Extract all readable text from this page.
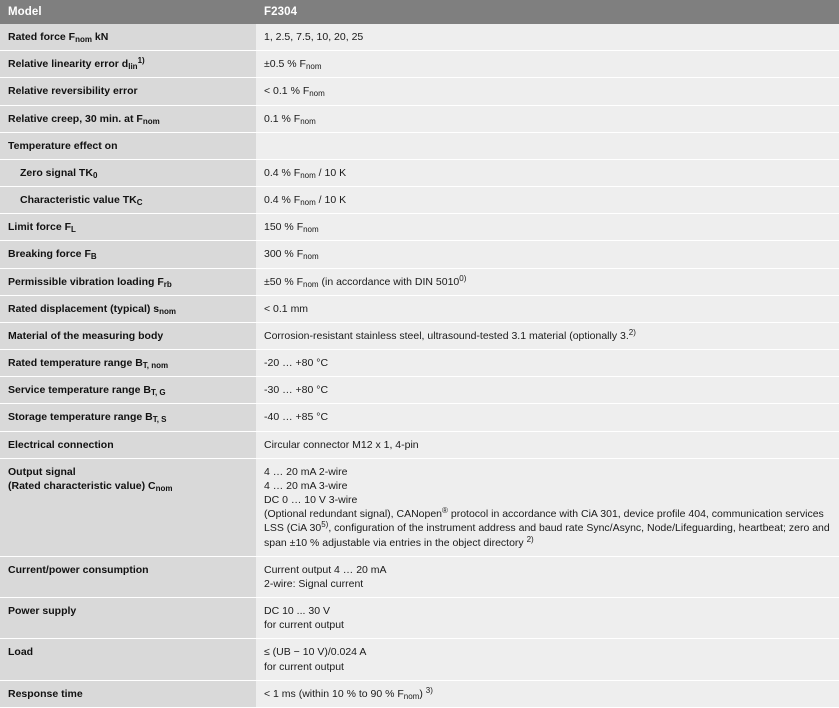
Model	F2304
Rated force $F_{nom}$ kN	1, 2.5, 7.5, 10, 20, 25

Relative linearity error $d_{lin}^{1)}$	±0.5 % $F_{nom}$

Relative reversibility error	< 0.1 % $F_{nom}$

Relative creep, 30 min. at $F_{nom}$	0.1 % $F_{nom}$

Temperature effect on	

Zero signal $TK_0$	0.4 % $F_{nom} / 10$ K

Characteristic value $TK_C$	0.4 % $F_{nom} / 10$ K

Limit force $F_L$	150 % $F_{nom}$

Breaking force $F_B$	300 % $F_{nom}$

Permissible vibration loading $F_{rb}$	±50 % $F_{nom}$ (in accordance with DIN 5010$^{0)}$

Rated displacement (typical) $s_{nom}$	< 0.1 mm

Material of the measuring body	Corrosion-resistant stainless steel, ultrasound-tested 3.1 material (optionally 3.$^{2)}$

Rated temperature range $B_{T, nom}$	-20 … +80 °C

Service temperature range $B_{T, G}$	-30 … +80 °C

Storage temperature range $B_{T, S}$	-40 … +85 °C

Electrical connection	Circular connector M12 x 1, 4-pin

Output signal
(Rated characteristic value) $C_{nom}$	4 … 20 mA 2-wire
4 … 20 mA 3-wire
DC 0 … 10 V 3-wire
(Optional redundant signal), CANopen® protocol in accordance with CiA 301, device profile 404, communication services LSS (CiA 30$^{5)}$, configuration of the instrument address and baud rate Sync/Async, Node/Lifeguarding, heartbeat; zero and span ±10 % adjustable via entries in the object directory $^{2)}$

Current/power consumption	Current output 4 … 20 mA
2-wire: Signal current

Power supply	DC 10 ... 30 V
for current output

Load	≤ (UB − 10 V)/0.024 A
for current output

Response time	< 1 ms (within 10 % to 90 % $F_{nom}$) $^{3)}$
